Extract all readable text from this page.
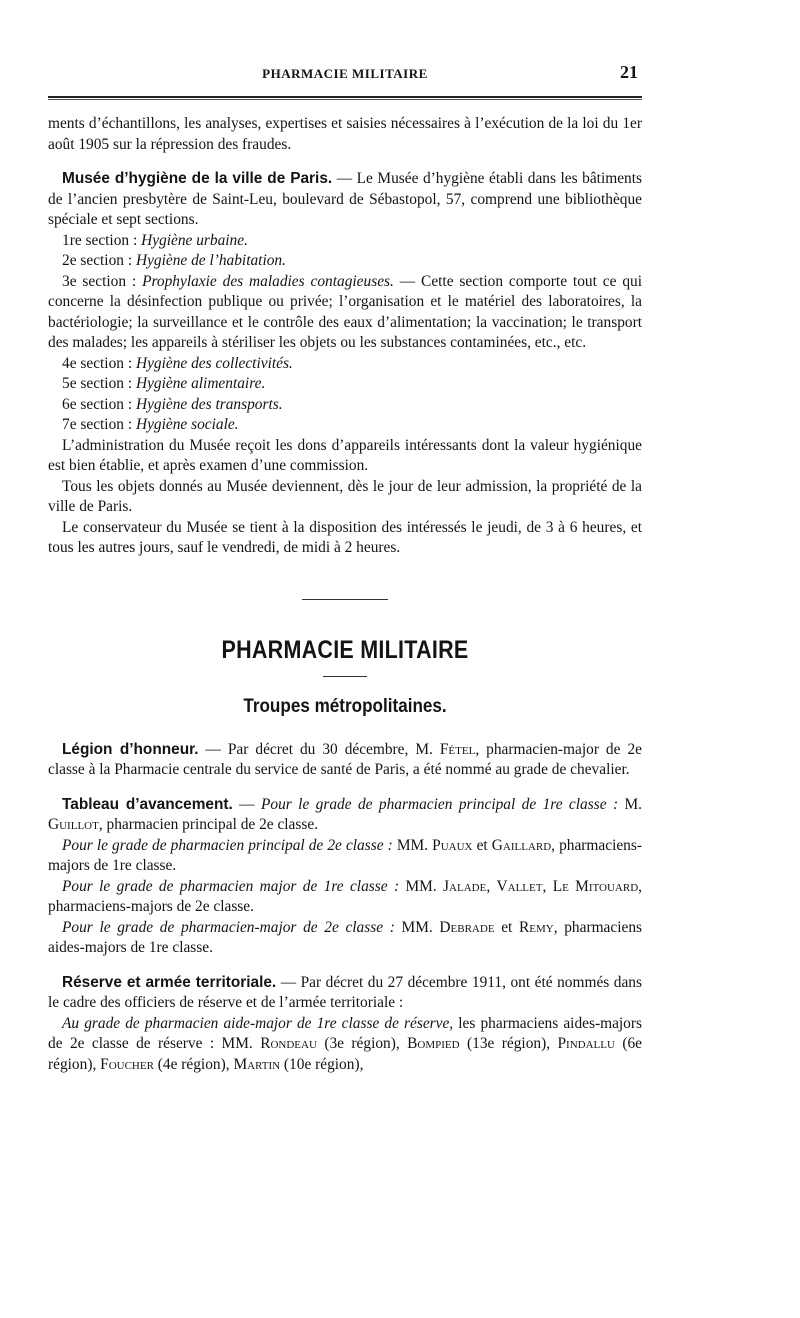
PHARMACIE MILITAIRE	21

ments d’échantillons, les analyses, expertises et saisies nécessaires à l’exécution de la loi du 1er août 1905 sur la répression des fraudes.

Musée d’hygiène de la ville de Paris. — Le Musée d’hygiène établi dans les bâtiments de l’ancien presbytère de Saint-Leu, boulevard de Sébastopol, 57, comprend une bibliothèque spéciale et sept sections.

1re section : Hygiène urbaine.

2e section : Hygiène de l’habitation.

3e section : Prophylaxie des maladies contagieuses. — Cette section comporte tout ce qui concerne la désinfection publique ou privée; l’organisation et le matériel des laboratoires, la bactériologie; la surveillance et le contrôle des eaux d’alimentation; la vaccination; le transport des malades; les appareils à stériliser les objets ou les substances contaminées, etc., etc.

4e section : Hygiène des collectivités.

5e section : Hygiène alimentaire.

6e section : Hygiène des transports.

7e section : Hygiène sociale.

L’administration du Musée reçoit les dons d’appareils intéressants dont la valeur hygiénique est bien établie, et après examen d’une commission.

Tous les objets donnés au Musée deviennent, dès le jour de leur admission, la propriété de la ville de Paris.

Le conservateur du Musée se tient à la disposition des intéressés le jeudi, de 3 à 6 heures, et tous les autres jours, sauf le vendredi, de midi à 2 heures.

PHARMACIE MILITAIRE
Troupes métropolitaines.

Légion d’honneur. — Par décret du 30 décembre, M. Fétel, pharmacien-major de 2e classe à la Pharmacie centrale du service de santé de Paris, a été nommé au grade de chevalier.

Tableau d’avancement. — Pour le grade de pharmacien principal de 1re classe : M. Guillot, pharmacien principal de 2e classe.

Pour le grade de pharmacien principal de 2e classe : MM. Puaux et Gaillard, pharmaciens-majors de 1re classe.

Pour le grade de pharmacien major de 1re classe : MM. Jalade, Vallet, Le Mitouard, pharmaciens-majors de 2e classe.

Pour le grade de pharmacien-major de 2e classe : MM. Debrade et Remy, pharmaciens aides-majors de 1re classe.

Réserve et armée territoriale. — Par décret du 27 décembre 1911, ont été nommés dans le cadre des officiers de réserve et de l’armée territoriale :

Au grade de pharmacien aide-major de 1re classe de réserve, les pharmaciens aides-majors de 2e classe de réserve : MM. Rondeau (3e région), Bompied (13e région), Pindallu (6e région), Foucher (4e région), Martin (10e région),
